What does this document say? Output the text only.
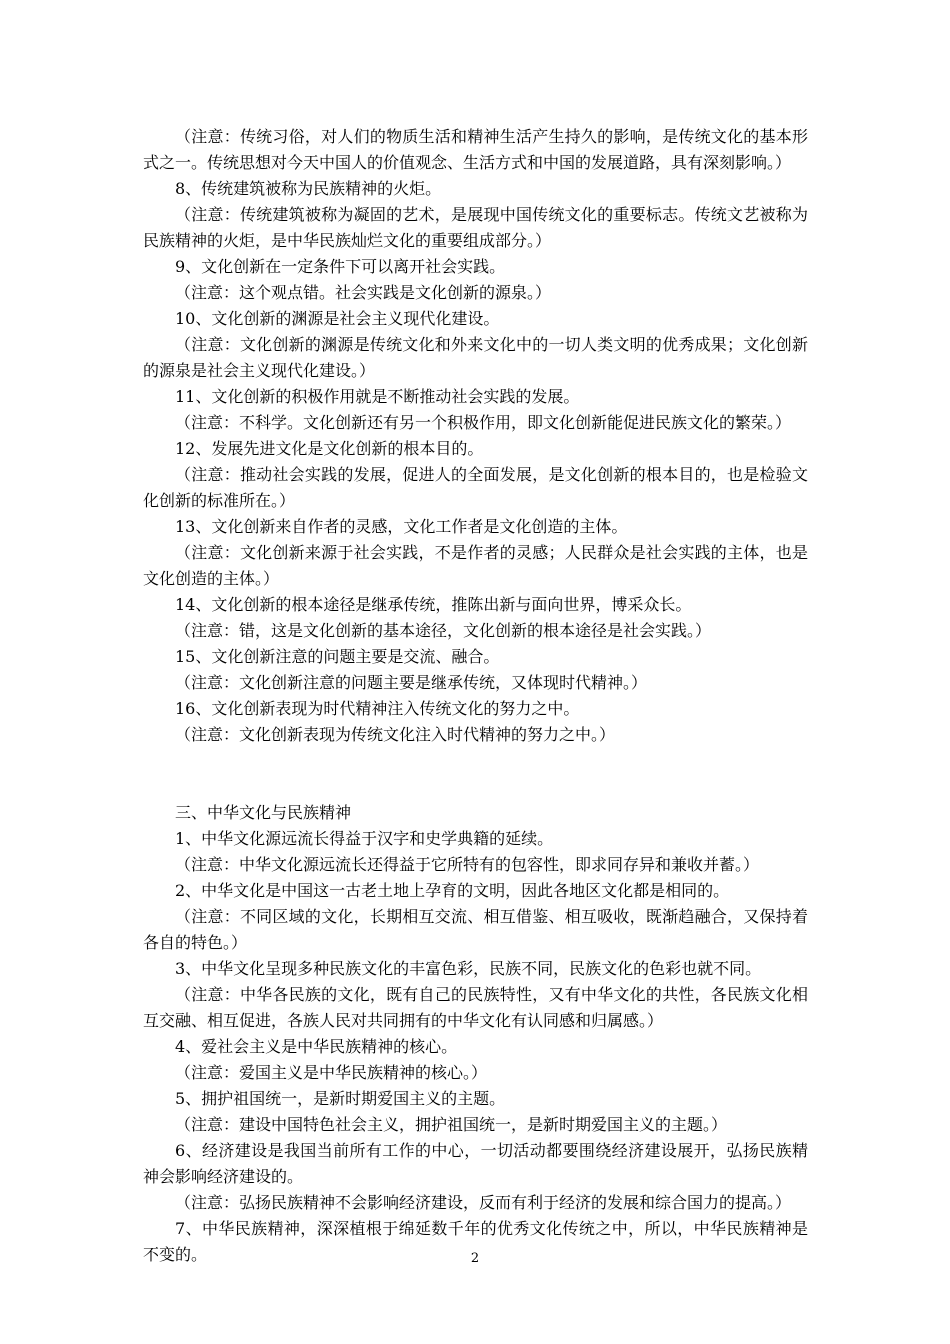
（注意：传统习俗，对人们的物质生活和精神生活产生持久的影响，是传统文化的基本形式之一。传统思想对今天中国人的价值观念、生活方式和中国的发展道路，具有深刻影响。）

8、传统建筑被称为民族精神的火炬。

（注意：传统建筑被称为凝固的艺术，是展现中国传统文化的重要标志。传统文艺被称为民族精神的火炬，是中华民族灿烂文化的重要组成部分。）

9、文化创新在一定条件下可以离开社会实践。

（注意：这个观点错。社会实践是文化创新的源泉。）

10、文化创新的渊源是社会主义现代化建设。

（注意：文化创新的渊源是传统文化和外来文化中的一切人类文明的优秀成果；文化创新的源泉是社会主义现代化建设。）

11、文化创新的积极作用就是不断推动社会实践的发展。

（注意：不科学。文化创新还有另一个积极作用，即文化创新能促进民族文化的繁荣。）

12、发展先进文化是文化创新的根本目的。

（注意：推动社会实践的发展，促进人的全面发展，是文化创新的根本目的，也是检验文化创新的标准所在。）

13、文化创新来自作者的灵感，文化工作者是文化创造的主体。

（注意：文化创新来源于社会实践，不是作者的灵感；人民群众是社会实践的主体，也是文化创造的主体。）

14、文化创新的根本途径是继承传统，推陈出新与面向世界，博采众长。

（注意：错，这是文化创新的基本途径，文化创新的根本途径是社会实践。）

15、文化创新注意的问题主要是交流、融合。

（注意：文化创新注意的问题主要是继承传统，又体现时代精神。）

16、文化创新表现为时代精神注入传统文化的努力之中。

（注意：文化创新表现为传统文化注入时代精神的努力之中。）

三、中华文化与民族精神

1、中华文化源远流长得益于汉字和史学典籍的延续。

（注意：中华文化源远流长还得益于它所特有的包容性，即求同存异和兼收并蓄。）

2、中华文化是中国这一古老土地上孕育的文明，因此各地区文化都是相同的。

（注意：不同区域的文化，长期相互交流、相互借鉴、相互吸收，既渐趋融合，又保持着各自的特色。）

3、中华文化呈现多种民族文化的丰富色彩，民族不同，民族文化的色彩也就不同。

（注意：中华各民族的文化，既有自己的民族特性，又有中华文化的共性，各民族文化相互交融、相互促进，各族人民对共同拥有的中华文化有认同感和归属感。）

4、爱社会主义是中华民族精神的核心。

（注意：爱国主义是中华民族精神的核心。）

5、拥护祖国统一，是新时期爱国主义的主题。

（注意：建设中国特色社会主义，拥护祖国统一，是新时期爱国主义的主题。）

6、经济建设是我国当前所有工作的中心，一切活动都要围绕经济建设展开，弘扬民族精神会影响经济建设的。

（注意：弘扬民族精神不会影响经济建设，反而有利于经济的发展和综合国力的提高。）

7、中华民族精神，深深植根于绵延数千年的优秀文化传统之中，所以，中华民族精神是不变的。	2
